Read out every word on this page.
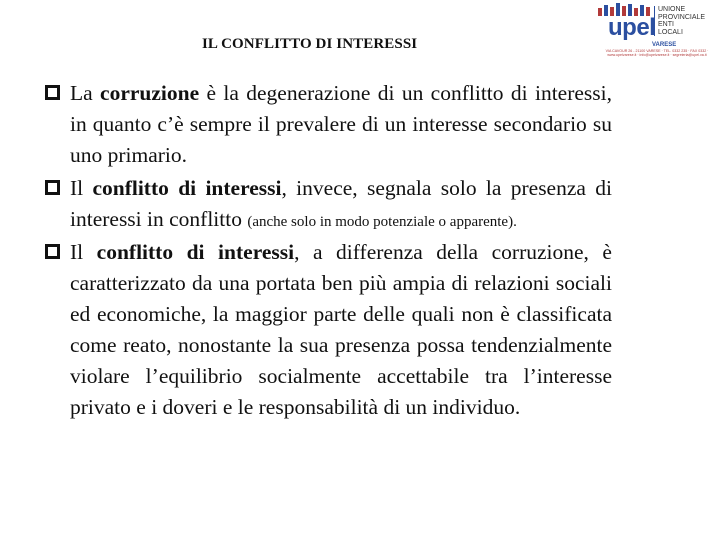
IL CONFLITTO DI INTERESSI
upel
UNIONE
PROVINCIALE
ENTI
LOCALI
VARESE
VIA CAVOUR 26 - 21100 VARESE · TEL. 0332 235 · FAX 0332 · www.upelvarese.it · info@upelvarese.it · segreteria@upel.va.it
La corruzione è la degenerazione di un conflitto di interessi, in quanto c’è sempre il prevalere di un interesse secondario su uno primario.
Il conflitto di interessi, invece, segnala solo la presenza di interessi in conflitto (anche solo in modo potenziale o apparente).
Il conflitto di interessi, a differenza della corruzione, è caratterizzato da una portata ben più ampia di relazioni sociali ed economiche, la maggior parte delle quali non è classificata come reato, nonostante la sua presenza possa tendenzialmente violare l’equilibrio socialmente accettabile tra l’interesse privato e i doveri e le responsabilità di un individuo.
